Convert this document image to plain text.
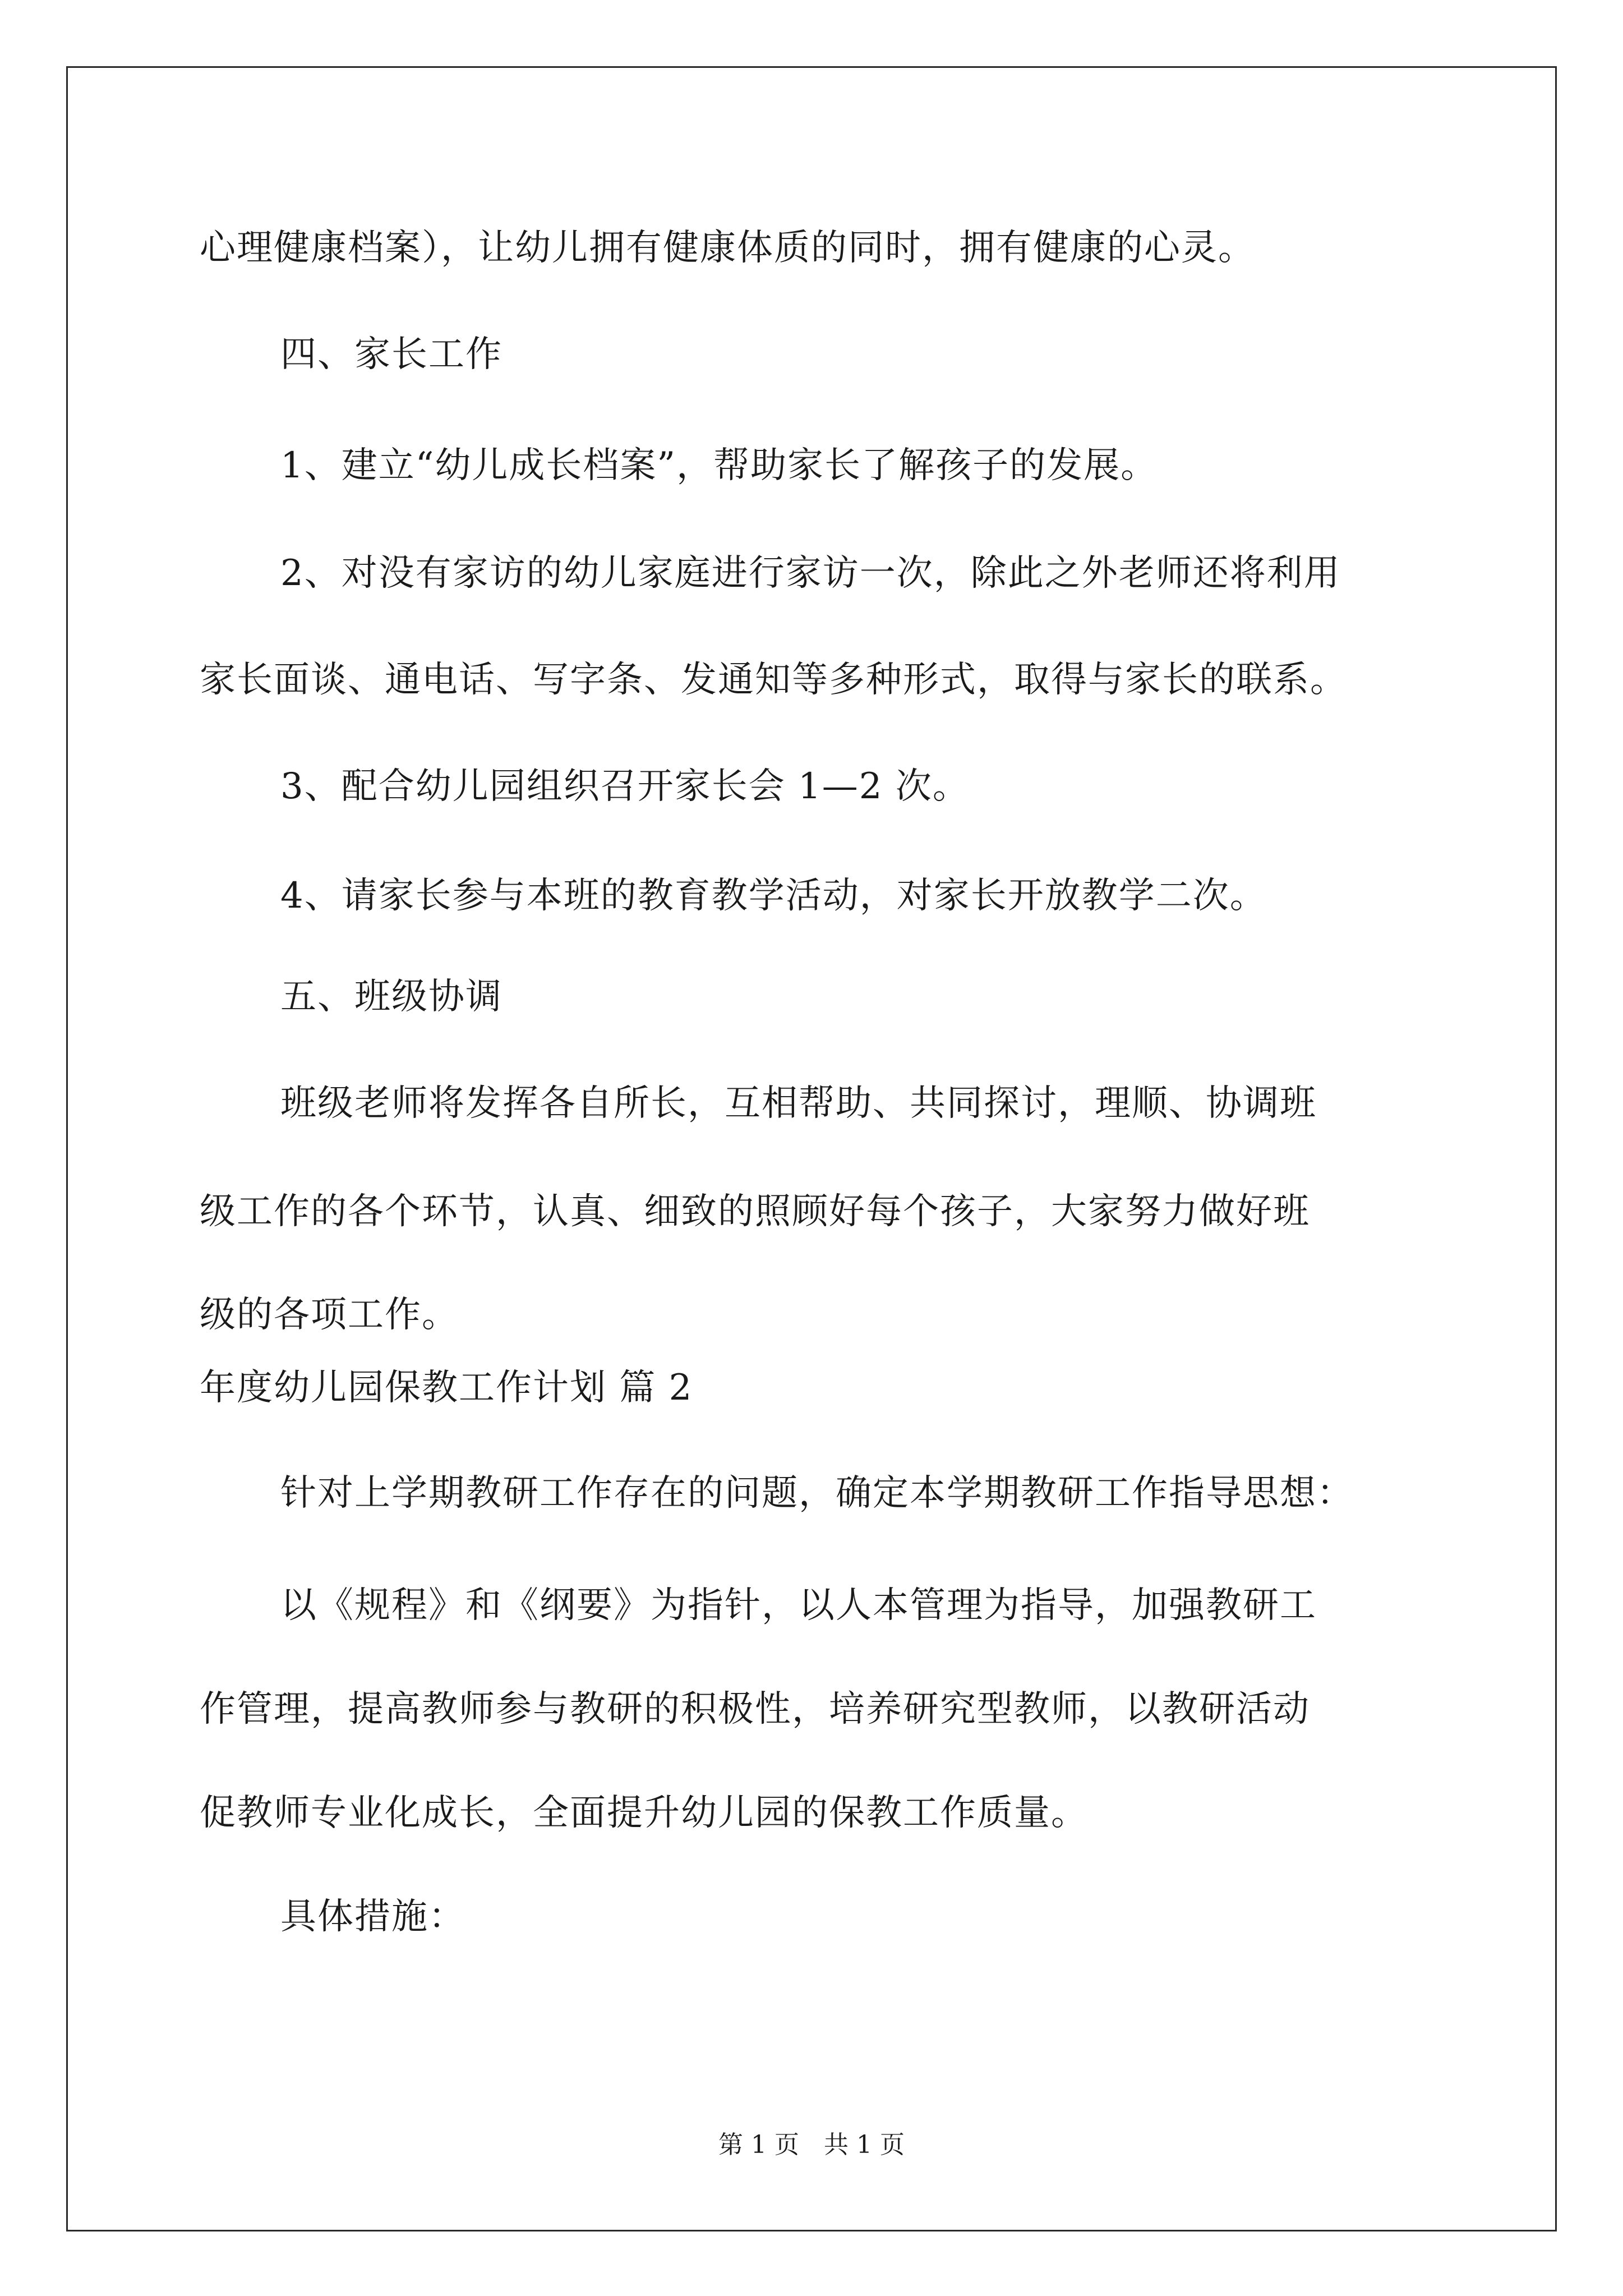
心理健康档案），让幼儿拥有健康体质的同时，拥有健康的心灵。
四、家长工作
1、建立“幼儿成长档案”，帮助家长了解孩子的发展。
2、对没有家访的幼儿家庭进行家访一次，除此之外老师还将利用
家长面谈、通电话、写字条、发通知等多种形式，取得与家长的联系。
3、配合幼儿园组织召开家长会 1—2 次。
4、请家长参与本班的教育教学活动，对家长开放教学二次。
五、班级协调
班级老师将发挥各自所长，互相帮助、共同探讨，理顺、协调班
级工作的各个环节，认真、细致的照顾好每个孩子，大家努力做好班
级的各项工作。
年度幼儿园保教工作计划 篇 2
针对上学期教研工作存在的问题，确定本学期教研工作指导思想：
以《规程》和《纲要》为指针，以人本管理为指导，加强教研工
作管理，提高教师参与教研的积极性，培养研究型教师，以教研活动
促教师专业化成长，全面提升幼儿园的保教工作质量。
具体措施：
第 1 页　共 1 页
